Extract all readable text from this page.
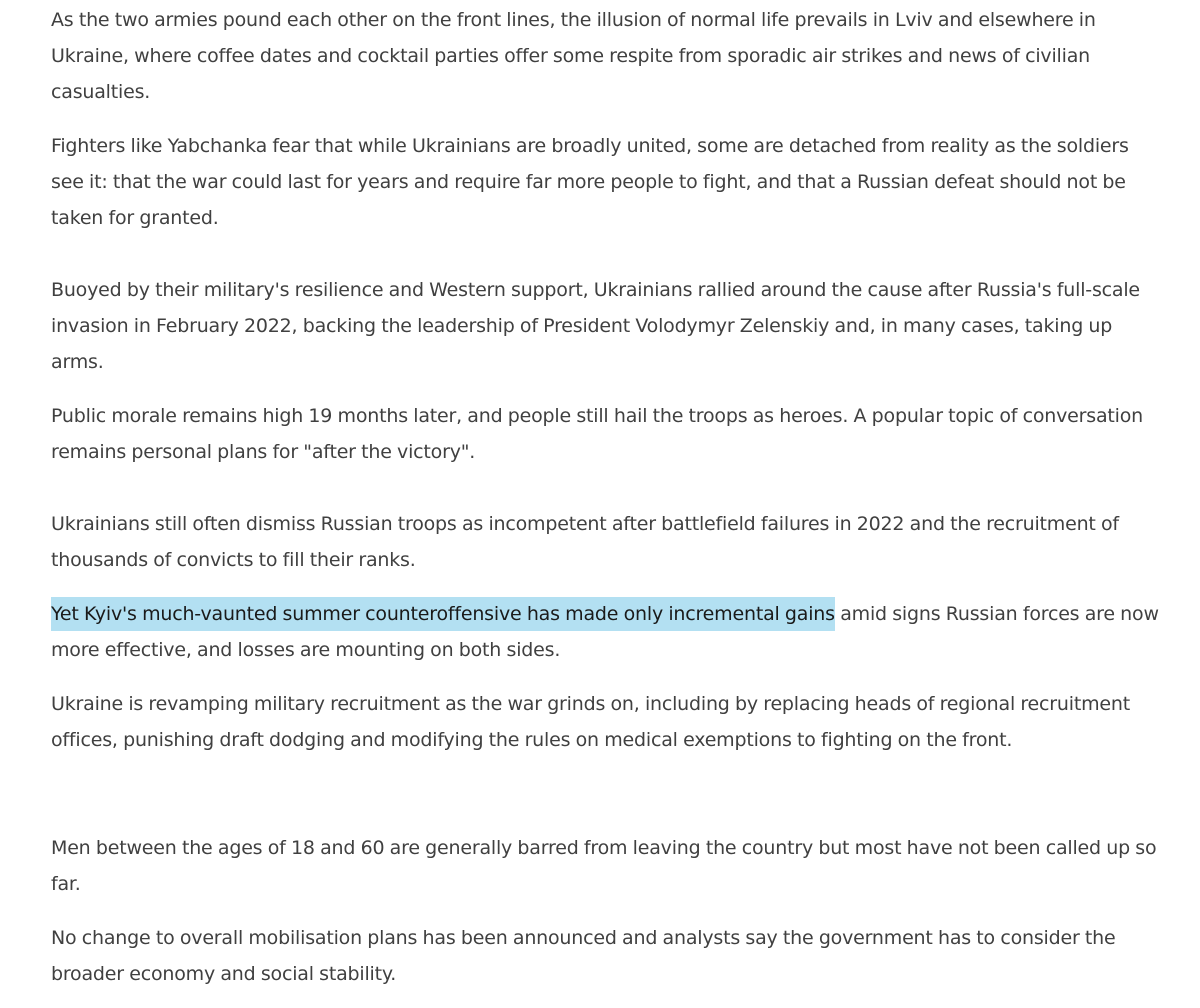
As the two armies pound each other on the front lines, the illusion of normal life prevails in Lviv and elsewhere in Ukraine, where coffee dates and cocktail parties offer some respite from sporadic air strikes and news of civilian casualties.

Fighters like Yabchanka fear that while Ukrainians are broadly united, some are detached from reality as the soldiers see it: that the war could last for years and require far more people to fight, and that a Russian defeat should not be taken for granted.

Buoyed by their military's resilience and Western support, Ukrainians rallied around the cause after Russia's full-scale invasion in February 2022, backing the leadership of President Volodymyr Zelenskiy and, in many cases, taking up arms.

Public morale remains high 19 months later, and people still hail the troops as heroes. A popular topic of conversation remains personal plans for "after the victory".

Ukrainians still often dismiss Russian troops as incompetent after battlefield failures in 2022 and the recruitment of thousands of convicts to fill their ranks.

Yet Kyiv's much-vaunted summer counteroffensive has made only incremental gains amid signs Russian forces are now more effective, and losses are mounting on both sides.

Ukraine is revamping military recruitment as the war grinds on, including by replacing heads of regional recruitment offices, punishing draft dodging and modifying the rules on medical exemptions to fighting on the front.

Men between the ages of 18 and 60 are generally barred from leaving the country but most have not been called up so far.

No change to overall mobilisation plans has been announced and analysts say the government has to consider the broader economy and social stability.
